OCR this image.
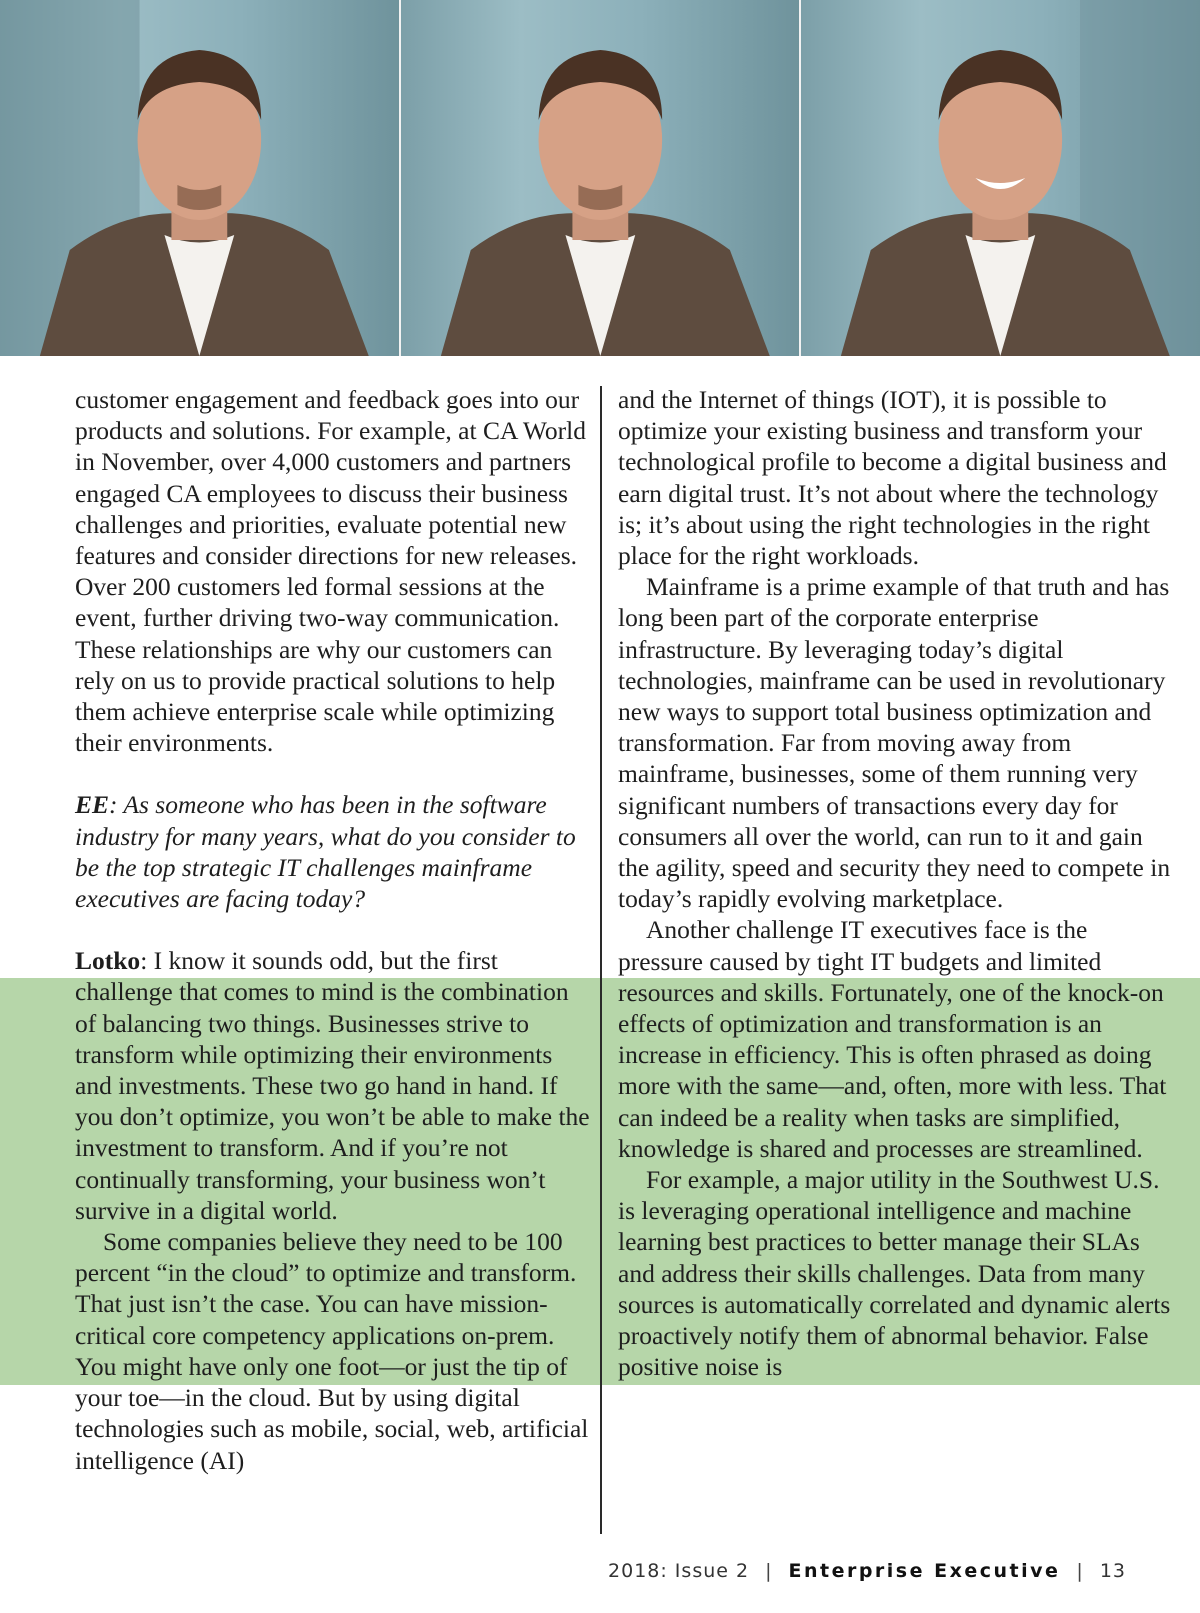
customer engagement and feedback goes into our products and solutions. For example, at CA World in November, over 4,000 customers and partners engaged CA employees to discuss their business challenges and priorities, evaluate potential new features and consider directions for new releases. Over 200 customers led formal sessions at the event, further driving two-way communication. These relationships are why our customers can rely on us to provide practical solutions to help them achieve enterprise scale while optimizing their environments.

EE: As someone who has been in the software industry for many years, what do you consider to be the top strategic IT challenges mainframe executives are facing today?

Lotko: I know it sounds odd, but the first challenge that comes to mind is the combination of balancing two things. Businesses strive to transform while optimizing their environments and investments. These two go hand in hand. If you don’t optimize, you won’t be able to make the investment to transform. And if you’re not continually transforming, your business won’t survive in a digital world.

Some companies believe they need to be 100 percent “in the cloud” to optimize and transform. That just isn’t the case. You can have mission-critical core competency applications on-prem. You might have only one foot—or just the tip of your toe—in the cloud. But by using digital technologies such as mobile, social, web, artificial intelligence (AI)

and the Internet of things (IOT), it is possible to optimize your existing business and transform your technological profile to become a digital business and earn digital trust. It’s not about where the technology is; it’s about using the right technologies in the right place for the right workloads.

Mainframe is a prime example of that truth and has long been part of the corporate enterprise infrastructure. By leveraging today’s digital technologies, mainframe can be used in revolutionary new ways to support total business optimization and transformation. Far from moving away from mainframe, businesses, some of them running very significant numbers of transactions every day for consumers all over the world, can run to it and gain the agility, speed and security they need to compete in today’s rapidly evolving marketplace.

Another challenge IT executives face is the pressure caused by tight IT budgets and limited resources and skills. Fortunately, one of the knock-on effects of optimization and transformation is an increase in efficiency. This is often phrased as doing more with the same—and, often, more with less. That can indeed be a reality when tasks are simplified, knowledge is shared and processes are streamlined.

For example, a major utility in the Southwest U.S. is leveraging operational intelligence and machine learning best practices to better manage their SLAs and address their skills challenges. Data from many sources is automatically correlated and dynamic alerts proactively notify them of abnormal behavior. False positive noise is

2018: Issue 2 | Enterprise Executive | 13
